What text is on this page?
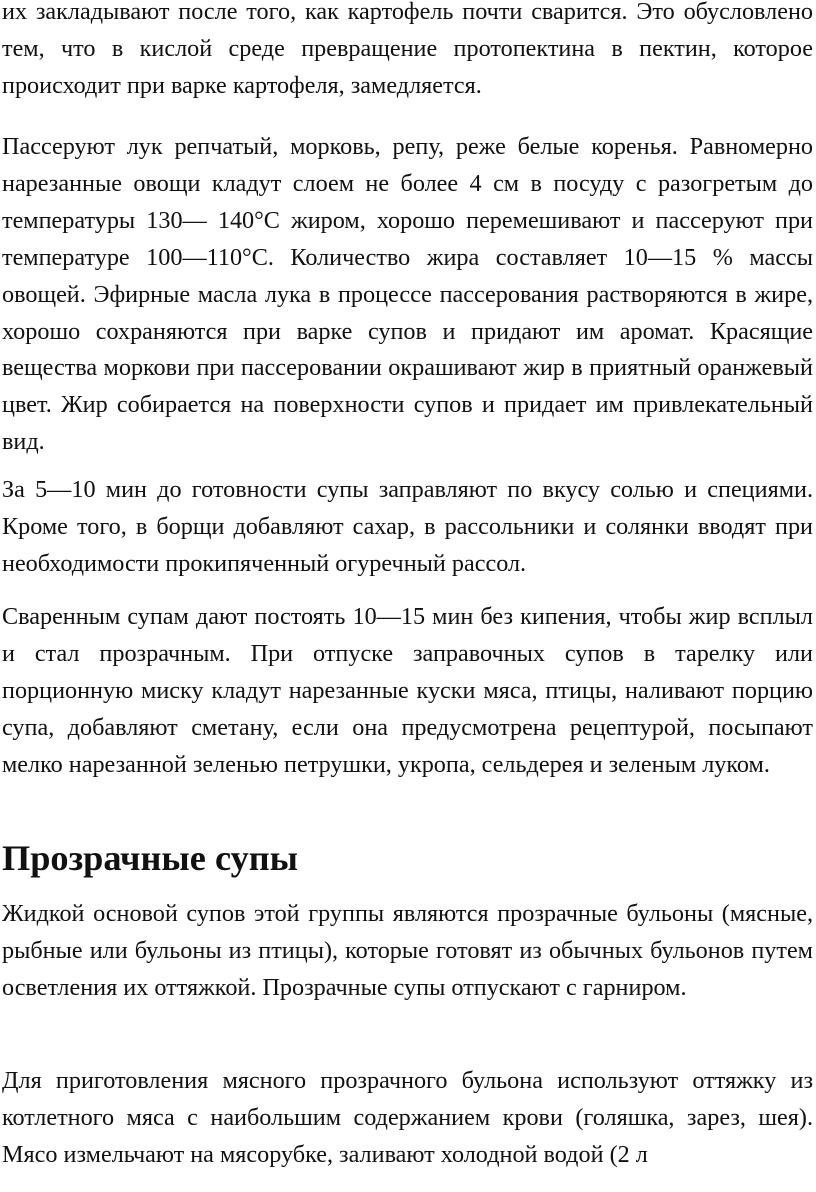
их закладывают после того, как картофель почти сварится. Это обусловлено тем, что в кислой среде превращение протопектина в пектин, которое происходит при варке картофеля, замедляется.

Пассеруют лук репчатый, морковь, репу, реже белые коренья. Равномерно нарезанные овощи кладут слоем не более 4 см в посуду с разогретым до температуры 130— 140°С жиром, хорошо перемешивают и пассеруют при температуре 100—110°С. Количество жира составляет 10—15 % массы овощей. Эфирные масла лука в процессе пассерования растворяются в жире, хорошо сохраняются при варке супов и придают им аромат. Красящие вещества моркови при пассеровании окрашивают жир в приятный оранжевый цвет. Жир собирается на поверхности супов и придает им привлекательный вид.

За 5—10 мин до готовности супы заправляют по вкусу солью и специями. Кроме того, в борщи добавляют сахар, в рассольники и солянки вводят при необходимости прокипяченный огуречный рассол.

Сваренным супам дают постоять 10—15 мин без кипения, чтобы жир всплыл и стал прозрачным. При отпуске заправочных супов в тарелку или порционную миску кладут нарезанные куски мяса, птицы, наливают порцию супа, добавляют сметану, если она предусмотрена рецептурой, посыпают мелко нарезанной зеленью петрушки, укропа, сельдерея и зеленым луком.

Прозрачные супы

Жидкой основой супов этой группы являются прозрачные бульоны (мясные, рыбные или бульоны из птицы), которые готовят из обычных бульонов путем осветления их оттяжкой. Прозрачные супы отпускают с гарниром.

Для приготовления мясного прозрачного бульона используют оттяжку из котлетного мяса с наибольшим содержанием крови (голяшка, зарез, шея). Мясо измельчают на мясорубке, заливают холодной водой (2 л
